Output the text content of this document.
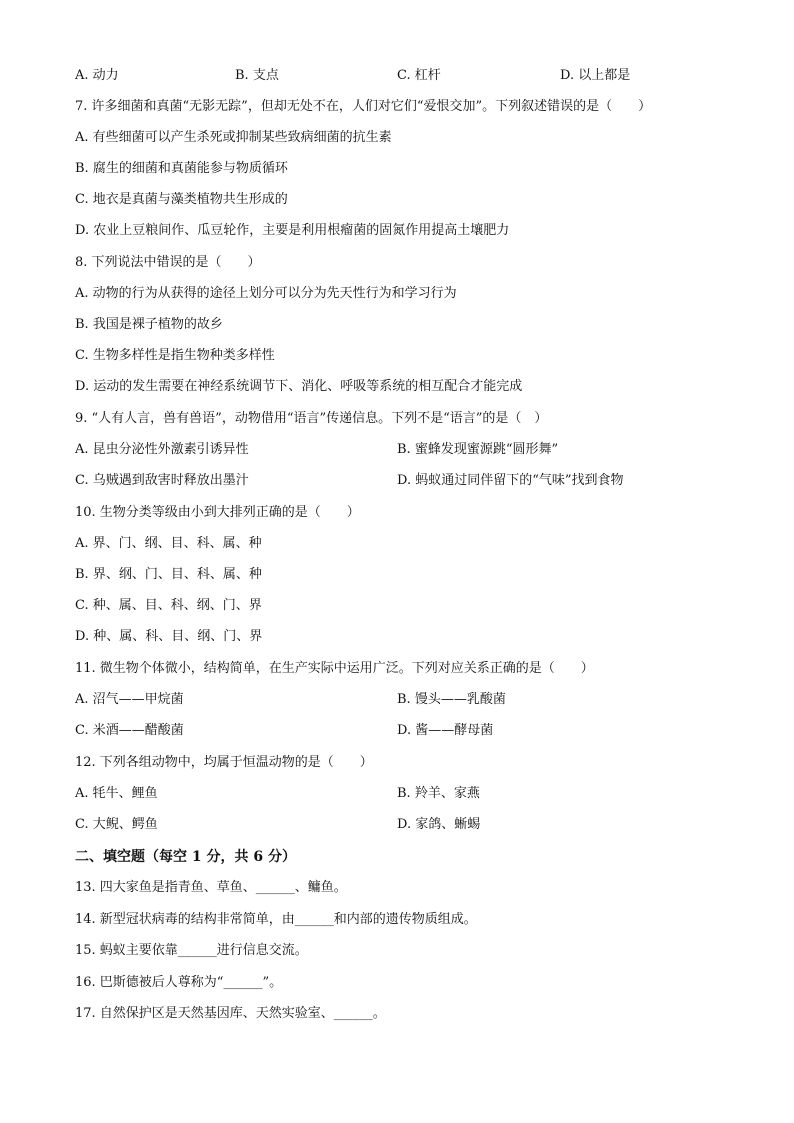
A. 动力	B. 支点	C. 杠杆	D. 以上都是
7. 许多细菌和真菌“无影无踪”，但却无处不在，人们对它们“爱恨交加”。下列叙述错误的是（　　）
A. 有些细菌可以产生杀死或抑制某些致病细菌的抗生素
B. 腐生的细菌和真菌能参与物质循环
C. 地衣是真菌与藻类植物共生形成的
D. 农业上豆粮间作、瓜豆轮作，主要是利用根瘤菌的固氮作用提高土壤肥力
8. 下列说法中错误的是（　　）
A. 动物的行为从获得的途径上划分可以分为先天性行为和学习行为
B. 我国是裸子植物的故乡
C. 生物多样性是指生物种类多样性
D. 运动的发生需要在神经系统调节下、消化、呼吸等系统的相互配合才能完成
9. “人有人言，兽有兽语”，动物借用“语言”传递信息。下列不是“语言”的是（　）
A. 昆虫分泌性外激素引诱异性	B. 蜜蜂发现蜜源跳“圆形舞”
C. 乌贼遇到敌害时释放出墨汁	D. 蚂蚁通过同伴留下的“气味”找到食物
10. 生物分类等级由小到大排列正确的是（　　）
A. 界、门、纲、目、科、属、种
B. 界、纲、门、目、科、属、种
C. 种、属、目、科、纲、门、界
D. 种、属、科、目、纲、门、界
11. 微生物个体微小，结构简单，在生产实际中运用广泛。下列对应关系正确的是（　　）
A. 沼气——甲烷菌	B. 馒头——乳酸菌
C. 米酒——醋酸菌	D. 酱——酵母菌
12. 下列各组动物中，均属于恒温动物的是（　　）
A. 牦牛、鲤鱼	B. 羚羊、家燕
C. 大鲵、鳄鱼	D. 家鸽、蜥蜴
二、填空题（每空 1 分，共 6 分）
13. 四大家鱼是指青鱼、草鱼、______、鳙鱼。
14. 新型冠状病毒的结构非常简单，由______和内部的遗传物质组成。
15. 蚂蚁主要依靠______进行信息交流。
16. 巴斯德被后人尊称为“______”。
17. 自然保护区是天然基因库、天然实验室、______。
